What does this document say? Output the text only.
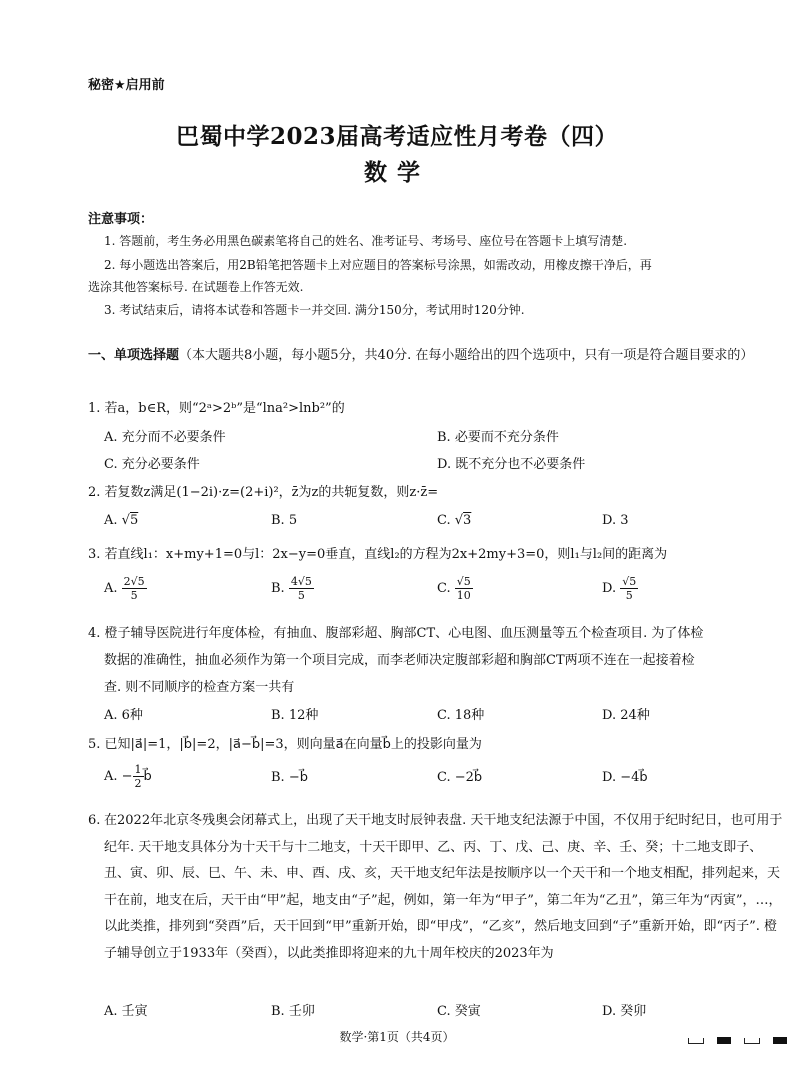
秘密★启用前
巴蜀中学2023届高考适应性月考卷（四）
数学
注意事项：
1. 答题前，考生务必用黑色碳素笔将自己的姓名、准考证号、考场号、座位号在答题卡上填写清楚.
2. 每小题选出答案后，用2B铅笔把答题卡上对应题目的答案标号涂黑，如需改动，用橡皮擦干净后，再
选涂其他答案标号. 在试题卷上作答无效.
3. 考试结束后，请将本试卷和答题卡一并交回. 满分150分，考试用时120分钟.
一、单项选择题（本大题共8小题，每小题5分，共40分. 在每小题给出的四个选项中，只有一项是符合题目要求的）
1. 若a，b∈R，则“2ᵃ>2ᵇ”是“lna²>lnb²”的
A. 充分而不必要条件	B. 必要而不充分条件
C. 充分必要条件	D. 既不充分也不必要条件
2. 若复数z满足(1−2i)·z=(2+i)²，z̄为z的共轭复数，则z·z̄=
A. √5	B. 5	C. √3	D. 3
3. 若直线l₁：x+my+1=0与l：2x−y=0垂直，直线l₂的方程为2x+2my+3=0，则l₁与l₂间的距离为
A. $\frac{2√5}{5}$	B. $\frac{4√5}{5}$	C. $\frac{√5}{10}$	D. $\frac{√5}{5}$
4. 橙子辅导医院进行年度体检，有抽血、腹部彩超、胸部CT、心电图、血压测量等五个检查项目. 为了体检
数据的准确性，抽血必须作为第一个项目完成，而李老师决定腹部彩超和胸部CT两项不连在一起接着检
查. 则不同顺序的检查方案一共有
A. 6种	B. 12种	C. 18种	D. 24种
5. 已知|a⃗|=1，|b⃗|=2，|a⃗−b⃗|=3，则向量a⃗在向量b⃗上的投影向量为
A. − $\frac{1}{2}$ b⃗	B. −b⃗	C. −2b⃗	D. −4b⃗
6. 在2022年北京冬残奥会闭幕式上，出现了天干地支时辰钟表盘. 天干地支纪法源于中国，不仅用于纪时纪日，也可用于纪年. 天干地支具体分为十天干与十二地支，十天干即甲、乙、丙、丁、戊、己、庚、辛、壬、癸；十二地支即子、丑、寅、卯、辰、巳、午、未、申、酉、戌、亥，天干地支纪年法是按顺序以一个天干和一个地支相配，排列起来，天干在前，地支在后，天干由“甲”起，地支由“子”起，例如，第一年为“甲子”，第二年为“乙丑”，第三年为“丙寅”，…，以此类推，排列到“癸酉”后，天干回到“甲”重新开始，即“甲戌”，“乙亥”，然后地支回到“子”重新开始，即“丙子”. 橙子辅导创立于1933年（癸酉），以此类推即将迎来的九十周年校庆的2023年为
A. 壬寅	B. 壬卯	C. 癸寅	D. 癸卯
数学·第1页（共4页）
